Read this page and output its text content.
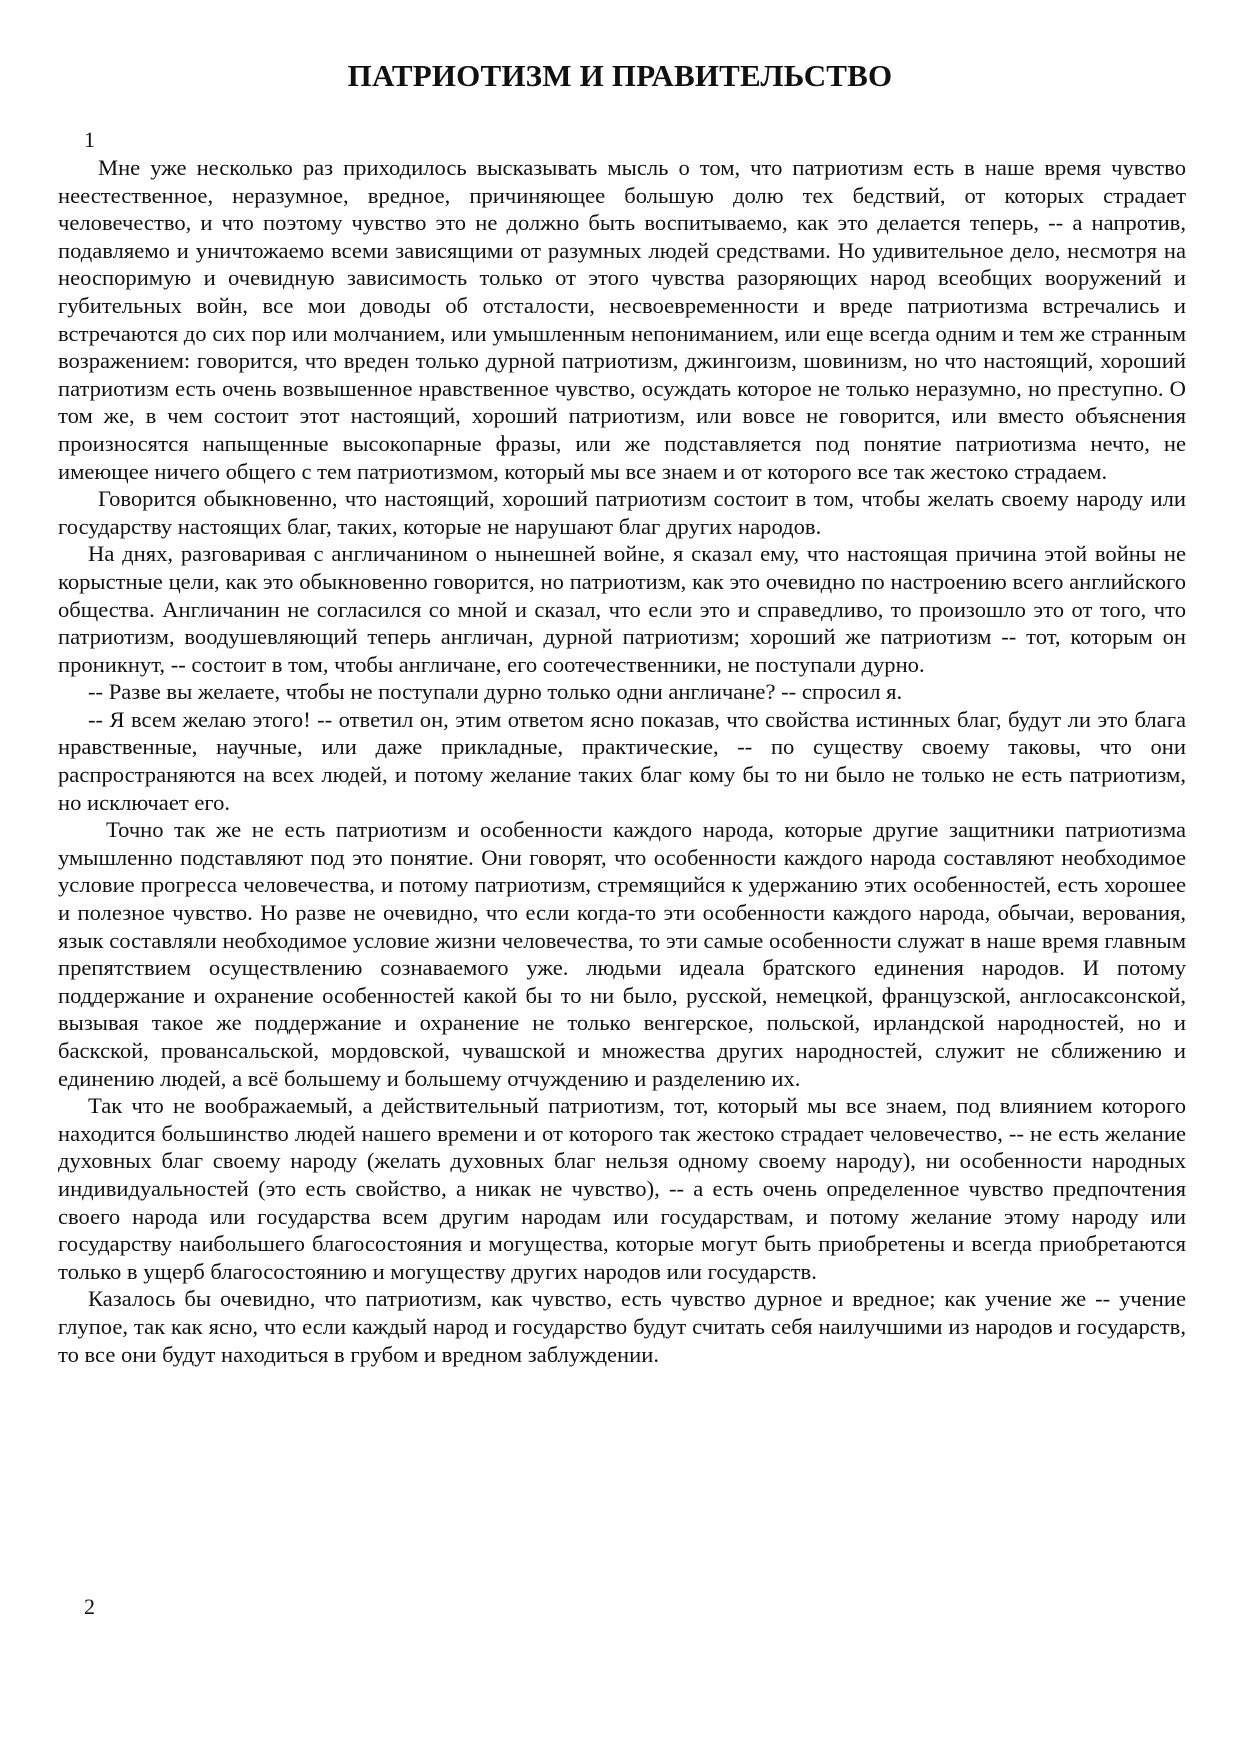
ПАТРИОТИЗМ И ПРАВИТЕЛЬСТВО
1

Мне уже несколько раз приходилось высказывать мысль о том, что патриотизм есть в наше время чувство неестественное, неразумное, вредное, причиняющее большую долю тех бедствий, от которых страдает человечество, и что поэтому чувство это не должно быть воспитываемо, как это делается теперь, -- а напротив, подавляемо и уничтожаемо всеми зависящими от разумных людей средствами. Но удивительное дело, несмотря на неоспоримую и очевидную зависимость только от этого чувства разоряющих народ всеобщих вооружений и губительных войн, все мои доводы об отсталости, несвоевременности и вреде патриотизма встречались и встречаются до сих пор или молчанием, или умышленным непониманием, или еще всегда одним и тем же странным возражением: говорится, что вреден только дурной патриотизм, джингоизм, шовинизм, но что настоящий, хороший патриотизм есть очень возвышенное нравственное чувство, осуждать которое не только неразумно, но преступно. О том же, в чем состоит этот настоящий, хороший патриотизм, или вовсе не говорится, или вместо объяснения произносятся напыщенные высокопарные фразы, или же подставляется под понятие патриотизма нечто, не имеющее ничего общего с тем патриотизмом, который мы все знаем и от которого все так жестоко страдаем.

Говорится обыкновенно, что настоящий, хороший патриотизм состоит в том, чтобы желать своему народу или государству настоящих благ, таких, которые не нарушают благ других народов.

На днях, разговаривая с англичанином о нынешней войне, я сказал ему, что настоящая причина этой войны не корыстные цели, как это обыкновенно говорится, но патриотизм, как это очевидно по настроению всего английского общества. Англичанин не согласился со мной и сказал, что если это и справедливо, то произошло это от того, что патриотизм, воодушевляющий теперь англичан, дурной патриотизм; хороший же патриотизм -- тот, которым он проникнут, -- состоит в том, чтобы англичане, его соотечественники, не поступали дурно.

-- Разве вы желаете, чтобы не поступали дурно только одни англичане? -- спросил я.

-- Я всем желаю этого! -- ответил он, этим ответом ясно показав, что свойства истинных благ, будут ли это блага нравственные, научные, или даже прикладные, практические, -- по существу своему таковы, что они распространяются на всех людей, и потому желание таких благ кому бы то ни было не только не есть патриотизм, но исключает его.

Точно так же не есть патриотизм и особенности каждого народа, которые другие защитники патриотизма умышленно подставляют под это понятие. Они говорят, что особенности каждого народа составляют необходимое условие прогресса человечества, и потому патриотизм, стремящийся к удержанию этих особенностей, есть хорошее и полезное чувство. Но разве не очевидно, что если когда-то эти особенности каждого народа, обычаи, верования, язык составляли необходимое условие жизни человечества, то эти самые особенности служат в наше время главным препятствием осуществлению сознаваемого уже. людьми идеала братского единения народов. И потому поддержание и охранение особенностей какой бы то ни было, русской, немецкой, французской, англосаксонской, вызывая такое же поддержание и охранение не только венгерское, польской, ирландской народностей, но и баскской, провансальской, мордовской, чувашской и множества других народностей, служит не сближению и единению людей, а всё большему и большему отчуждению и разделению их.

Так что не воображаемый, а действительный патриотизм, тот, который мы все знаем, под влиянием которого находится большинство людей нашего времени и от которого так жестоко страдает человечество, -- не есть желание духовных благ своему народу (желать духовных благ нельзя одному своему народу), ни особенности народных индивидуальностей (это есть свойство, а никак не чувство), -- а есть очень определенное чувство предпочтения своего народа или государства всем другим народам или государствам, и потому желание этому народу или государству наибольшего благосостояния и могущества, которые могут быть приобретены и всегда приобретаются только в ущерб благосостоянию и могуществу других народов или государств.

Казалось бы очевидно, что патриотизм, как чувство, есть чувство дурное и вредное; как учение же -- учение глупое, так как ясно, что если каждый народ и государство будут считать себя наилучшими из народов и государств, то все они будут находиться в грубом и вредном заблуждении.

2
